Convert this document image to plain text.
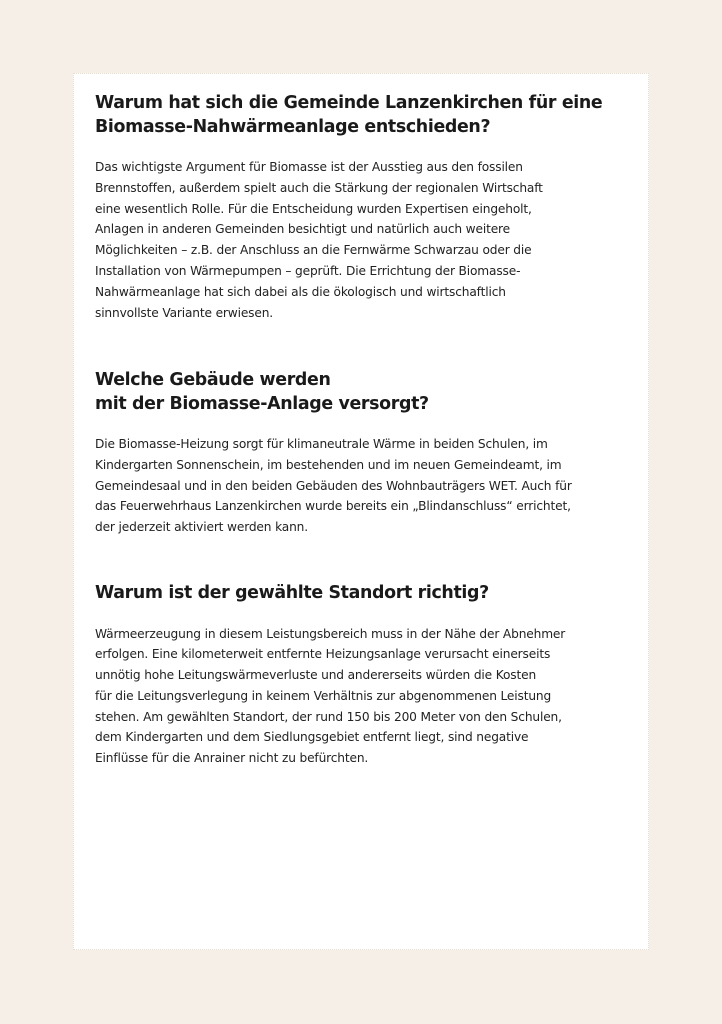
Warum hat sich die Gemeinde Lanzenkirchen für eine
Biomasse-Nahwärmeanlage entschieden?

Das wichtigste Argument für Biomasse ist der Ausstieg aus den fossilen
Brennstoffen, außerdem spielt auch die Stärkung der regionalen Wirtschaft
eine wesentlich Rolle. Für die Entscheidung wurden Expertisen eingeholt,
Anlagen in anderen Gemeinden besichtigt und natürlich auch weitere
Möglichkeiten – z.B. der Anschluss an die Fernwärme Schwarzau oder die
Installation von Wärmepumpen – geprüft. Die Errichtung der Biomasse-
Nahwärmeanlage hat sich dabei als die ökologisch und wirtschaftlich
sinnvollste Variante erwiesen.

Welche Gebäude werden
mit der Biomasse-Anlage versorgt?

Die Biomasse-Heizung sorgt für klimaneutrale Wärme in beiden Schulen, im
Kindergarten Sonnenschein, im bestehenden und im neuen Gemeindeamt, im
Gemeindesaal und in den beiden Gebäuden des Wohnbauträgers WET. Auch für
das Feuerwehrhaus Lanzenkirchen wurde bereits ein „Blindanschluss“ errichtet,
der jederzeit aktiviert werden kann.

Warum ist der gewählte Standort richtig?

Wärmeerzeugung in diesem Leistungsbereich muss in der Nähe der Abnehmer
erfolgen. Eine kilometerweit entfernte Heizungsanlage verursacht einerseits
unnötig hohe Leitungswärmeverluste und andererseits würden die Kosten
für die Leitungsverlegung in keinem Verhältnis zur abgenommenen Leistung
stehen. Am gewählten Standort, der rund 150 bis 200 Meter von den Schulen,
dem Kindergarten und dem Siedlungsgebiet entfernt liegt, sind negative
Einflüsse für die Anrainer nicht zu befürchten.
